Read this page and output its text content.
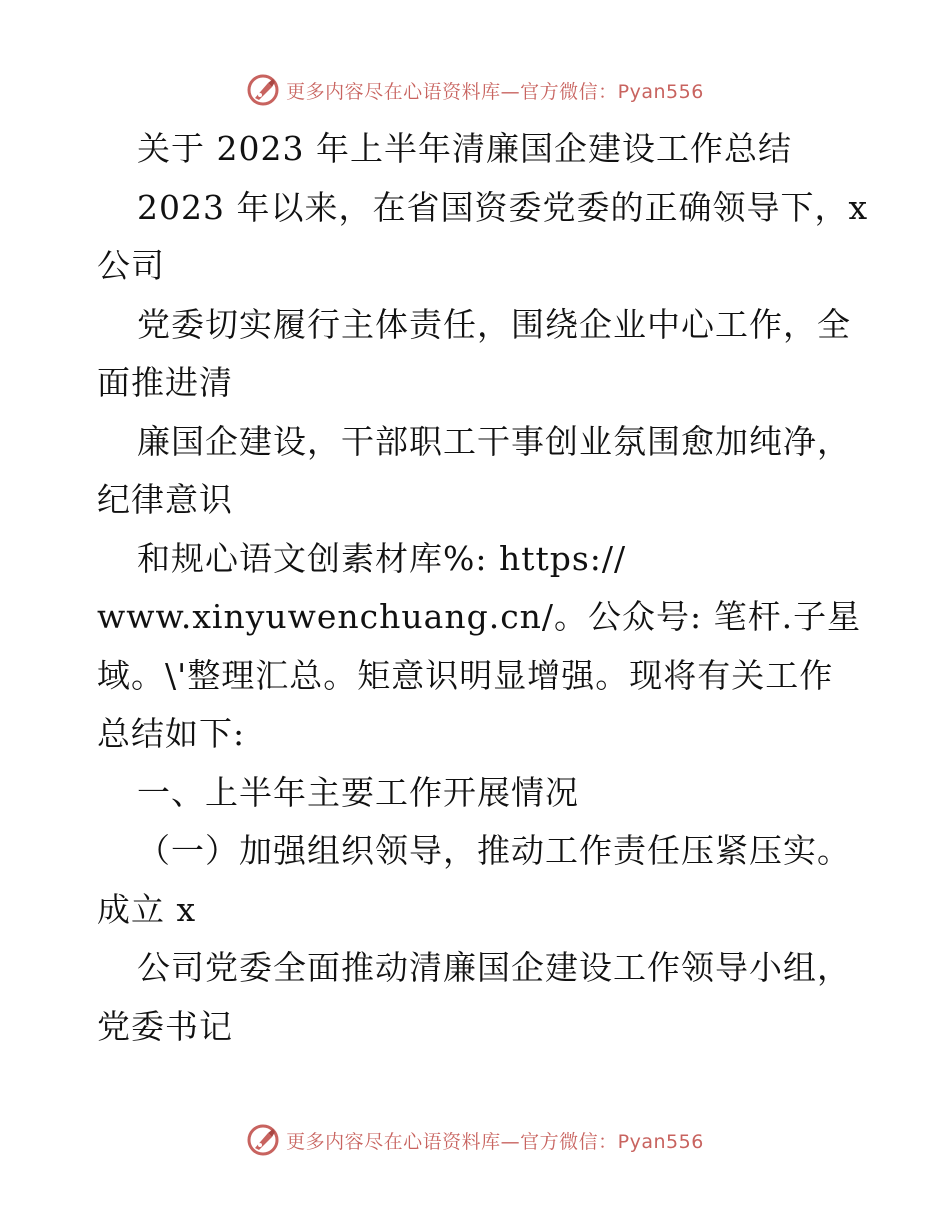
更多内容尽在心语资料库—官方微信：Pyan556
关于 2023 年上半年清廉国企建设工作总结
2023 年以来，在省国资委党委的正确领导下，x
公司
党委切实履行主体责任，围绕企业中心工作，全
面推进清
廉国企建设，干部职工干事创业氛围愈加纯净，
纪律意识
和规心语文创素材库%: https://
www.xinyuwenchuang.cn/。公众号: 笔杆.子星
域。\'整理汇总。矩意识明显增强。现将有关工作
总结如下:
一、上半年主要工作开展情况
（一）加强组织领导，推动工作责任压紧压实。
成立 x
公司党委全面推动清廉国企建设工作领导小组，
党委书记
更多内容尽在心语资料库—官方微信：Pyan556
